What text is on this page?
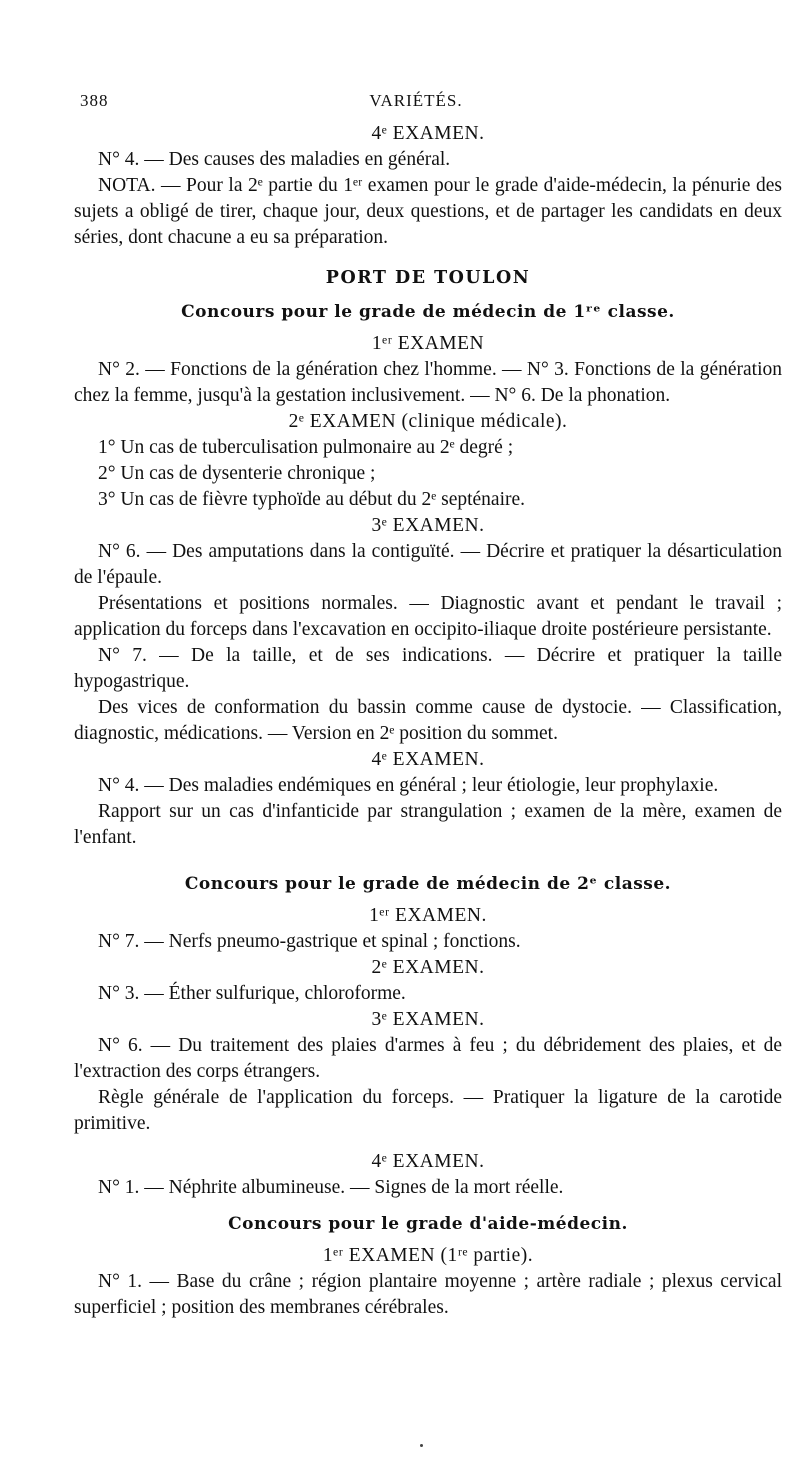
388	VARIÉTÉS.
4ᵉ EXAMEN.

N° 4. — Des causes des maladies en général.

NOTA. — Pour la 2ᵉ partie du 1ᵉʳ examen pour le grade d'aide-médecin, la pénurie des sujets a obligé de tirer, chaque jour, deux questions, et de partager les candidats en deux séries, dont chacune a eu sa préparation.

PORT DE TOULON
Concours pour le grade de médecin de 1ʳᵉ classe.
1ᵉʳ EXAMEN

N° 2. — Fonctions de la génération chez l'homme. — N° 3. Fonctions de la génération chez la femme, jusqu'à la gestation inclusivement. — N° 6. De la phonation.

2ᵉ EXAMEN (clinique médicale).

1° Un cas de tuberculisation pulmonaire au 2ᵉ degré ;

2° Un cas de dysenterie chronique ;

3° Un cas de fièvre typhoïde au début du 2ᵉ septénaire.

3ᵉ EXAMEN.

N° 6. — Des amputations dans la contiguïté. — Décrire et pratiquer la désarticulation de l'épaule.

Présentations et positions normales. — Diagnostic avant et pendant le travail ; application du forceps dans l'excavation en occipito-iliaque droite postérieure persistante.

N° 7. — De la taille, et de ses indications. — Décrire et pratiquer la taille hypogastrique.

Des vices de conformation du bassin comme cause de dystocie. — Classification, diagnostic, médications. — Version en 2ᵉ position du sommet.

4ᵉ EXAMEN.

N° 4. — Des maladies endémiques en général ; leur étiologie, leur prophylaxie.

Rapport sur un cas d'infanticide par strangulation ; examen de la mère, examen de l'enfant.

Concours pour le grade de médecin de 2ᵉ classe.
1ᵉʳ EXAMEN.

N° 7. — Nerfs pneumo-gastrique et spinal ; fonctions.

2ᵉ EXAMEN.

N° 3. — Éther sulfurique, chloroforme.

3ᵉ EXAMEN.

N° 6. — Du traitement des plaies d'armes à feu ; du débridement des plaies, et de l'extraction des corps étrangers.

Règle générale de l'application du forceps. — Pratiquer la ligature de la carotide primitive.

4ᵉ EXAMEN.

N° 1. — Néphrite albumineuse. — Signes de la mort réelle.

Concours pour le grade d'aide-médecin.
1ᵉʳ EXAMEN (1ʳᵉ partie).

N° 1. — Base du crâne ; région plantaire moyenne ; artère radiale ; plexus cervical superficiel ; position des membranes cérébrales.
